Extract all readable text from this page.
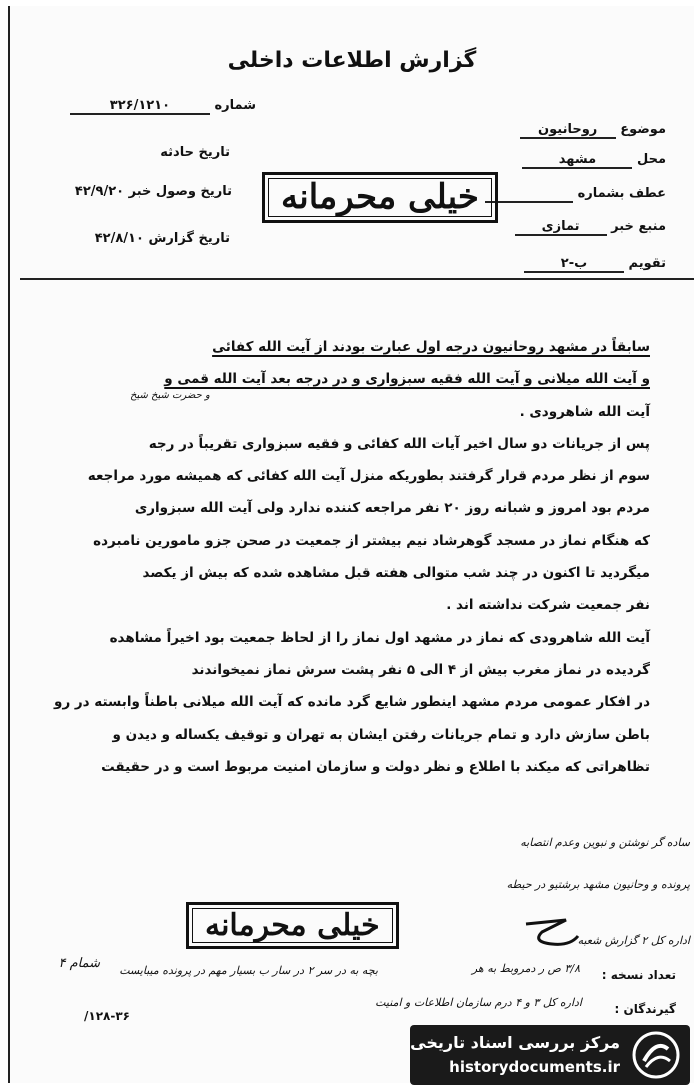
گزارش اطلاعات داخلی
شماره ۳۲۶/۱۲۱۰
تاریخ حادثه
تاریخ وصول خبر ۴۲/۹/۲۰
تاریخ گزارش ۴۲/۸/۱۰
موضوع روحانیون
محل مشهد
عطف بشماره
منبع خبر تمازی
تقویم ب-۲
خیلی محرمانه

سابقاً در مشهد روحانیون درجه اول عبارت بودند از آیت الله کفائی

و آیت الله میلانی و آیت الله فقیه سبزواری و در درجه بعد آیت الله قمی و

آیت الله شاهرودی .

پس از جریانات دو سال اخیر آیات الله کفائی و فقیه سبزواری تقریباً در رجه

سوم از نظر مردم قرار گرفتند بطوریکه منزل آیت الله کفائی که همیشه مورد مراجعه

مردم بود امروز و شبانه روز ۲۰ نفر مراجعه کننده ندارد ولی آیت الله سبزواری

که هنگام نماز در مسجد گوهرشاد نیم بیشتر از جمعیت در صحن جزو مامورین نامبرده

میگردید تا اکنون در چند شب متوالی هفته قبل مشاهده شده که بیش از یکصد

نفر جمعیت شرکت نداشته اند .

آیت الله شاهرودی که نماز در مشهد اول نماز را از لحاظ جمعیت بود اخیراً مشاهده

گردیده در نماز مغرب بیش از ۴ الی ۵ نفر پشت سرش نماز نمیخواندند

در افکار عمومی مردم مشهد اینطور شایع گرد مانده که آیت الله میلانی باطناً وابسته در رو

باطن سازش دارد و تمام جریانات رفتن ایشان به تهران و توقیف یکساله و دیدن و

تظاهراتی که میکند با اطلاع و نظر دولت و سازمان امنیت مربوط است و در حقیقت

و حضرت شیخ شیخ
ساده گر نوشتن و نبوین وعدم انتصابه
پرونده و وحانیون مشهد برشتیو در حیطه
خیلی محرمانه	اداره کل ۲ گزارش شعبه
تعداد نسخه :
۳/۸ ص ر دمروبط به هر
گیرندگان :
اداره کل ۳ و ۴ درم سازمان اطلاعات و امنیت
بچه به در سر ۲ در سار ب بسیار مهم در پرونده میبایست
شمام ۴
۱۲۸-۳۶/
مرکز بررسی اسناد تاریخی
historydocuments.ir
